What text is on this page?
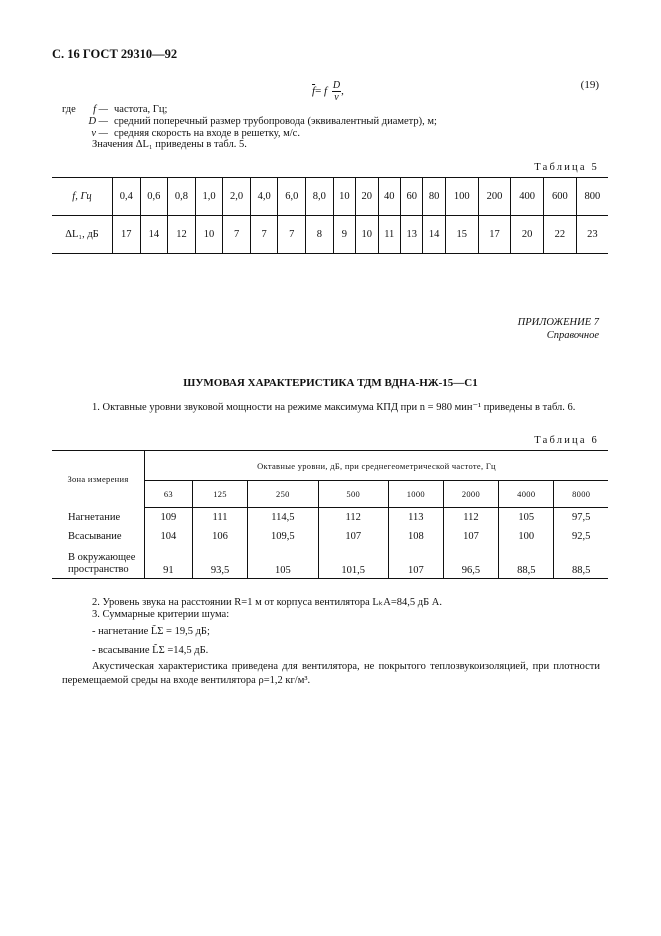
С. 16 ГОСТ 29310—92
$\overline{f}= f \frac{D}{v}$ ,
(19)
где f — частота, Гц;
D — средний поперечный размер трубопровода (эквивалентный диаметр), м;
v — средняя скорость на входе в решетку, м/с.
Значения ΔL₁ приведены в табл. 5.
Таблица 5
f, Гц	0,4	0,6	0,8	1,0	2,0	4,0	6,0	8,0	10	20	40	60	80	100	200	400	600	800
ΔL₁, дБ	17	14	12	10	7	7	7	8	9	10	11	13	14	15	17	20	22	23
ПРИЛОЖЕНИЕ 7
Справочное
ШУМОВАЯ ХАРАКТЕРИСТИКА ТДМ ВДНА-НЖ-15—С1
1. Октавные уровни звуковой мощности на режиме максимума КПД при n = 980 мин⁻¹ приведены в табл. 6.
Таблица 6
Зона измерения	Октавные уровни, дБ, при среднегеометрической частоте, Гц							
	63	125	250	500	1000	2000	4000	8000
Нагнетание	109	111	114,5	112	113	112	105	97,5
Всасывание	104	106	109,5	107	108	107	100	92,5
В окружающее пространство	91	93,5	105	101,5	107	96,5	88,5	88,5
2. Уровень звука на расстоянии R=1 м от корпуса вентилятора LₖA=84,5 дБ A.
3. Суммарные критерии шума:
- нагнетание L̃Σ = 19,5 дБ;
- всасывание L̃Σ =14,5 дБ.
Акустическая характеристика приведена для вентилятора, не покрытого теплозвукоизоляцией, при плотности перемещаемой среды на входе вентилятора ρ=1,2 кг/м³.
